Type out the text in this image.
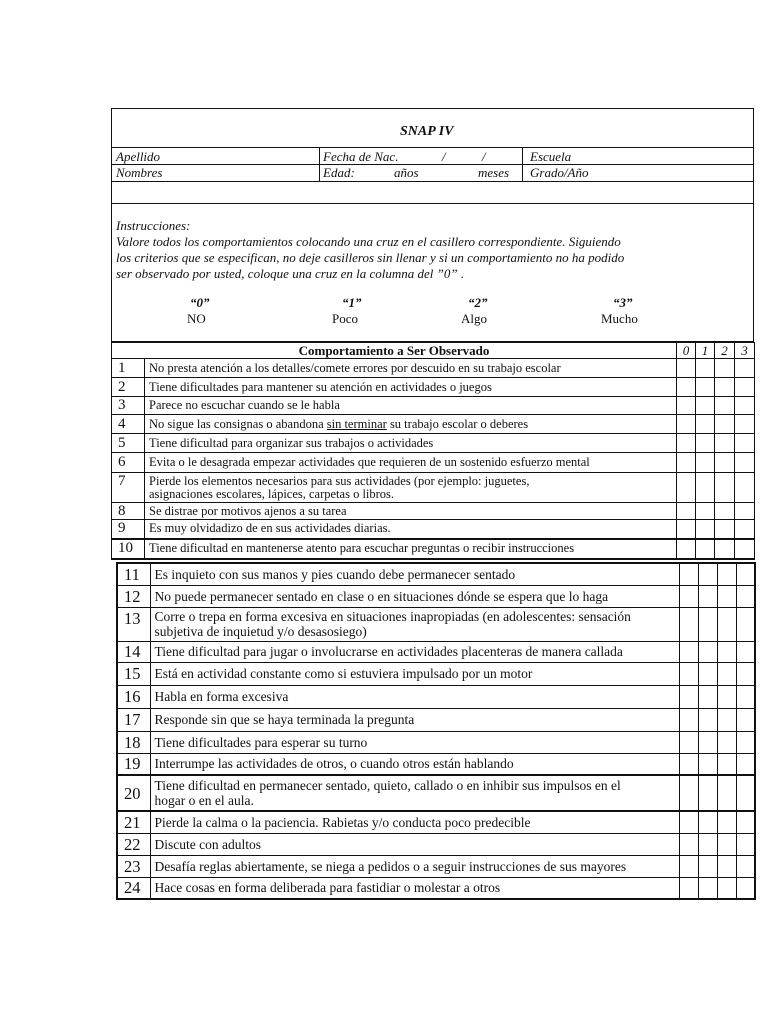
SNAP IV
Apellido	Fecha de Nac.	/	/	Escuela
Nombres	Edad:	años	meses Grado/Año
Instrucciones:
Valore todos los comportamientos colocando una cruz en el casillero correspondiente. Siguiendo
los criterios que se especifican, no deje casilleros sin llenar y si un comportamiento no ha podido
ser observado por usted, coloque una cruz en la columna del ”0” .
“0”
NO
“1”
Poco
“2”
Algo
“3”
Mucho
Comportamiento a Ser Observado		0	1	2	3
1	No presta atención a los detalles/comete errores por descuido en su trabajo escolar				
2	Tiene dificultades para mantener su atención en actividades o juegos				
3	Parece no escuchar cuando se le habla				
4	No sigue las consignas o abandona sin terminar su trabajo escolar o deberes				
5	Tiene dificultad para organizar sus trabajos o actividades				
6	Evita o le desagrada empezar actividades que requieren de un sostenido esfuerzo mental				
7	Pierde los elementos necesarios para sus actividades (por ejemplo: juguetes,
asignaciones escolares, lápices, carpetas o libros.				

8	Se distrae por motivos ajenos a su tarea				
9	Es muy olvidadizo de en sus actividades diarias.				
10	Tiene dificultad en mantenerse atento para escuchar preguntas o recibir instrucciones				
11	Es inquieto con sus manos y pies cuando debe permanecer sentado				
12	No puede permanecer sentado en clase o en situaciones dónde se espera que lo haga				
13	Corre o trepa en forma excesiva en situaciones inapropiadas (en adolescentes: sensación
subjetiva de inquietud y/o desasosiego)				

14	Tiene dificultad para jugar o involucrarse en actividades placenteras de manera callada				
15	Está en actividad constante como si estuviera impulsado por un motor				
16	Habla en forma excesiva				
17	Responde sin que se haya terminada la pregunta				
18	Tiene dificultades para esperar su turno				
19	Interrumpe las actividades de otros, o cuando otros están hablando				
20	Tiene dificultad en permanecer sentado, quieto, callado o en inhibir sus impulsos en el
hogar o en el aula.				

21	Pierde la calma o la paciencia. Rabietas y/o conducta poco predecible				
22	Discute con adultos				
23	Desafía reglas abiertamente, se niega a pedidos o a seguir instrucciones de sus mayores				
24	Hace cosas en forma deliberada para fastidiar o molestar a otros				
